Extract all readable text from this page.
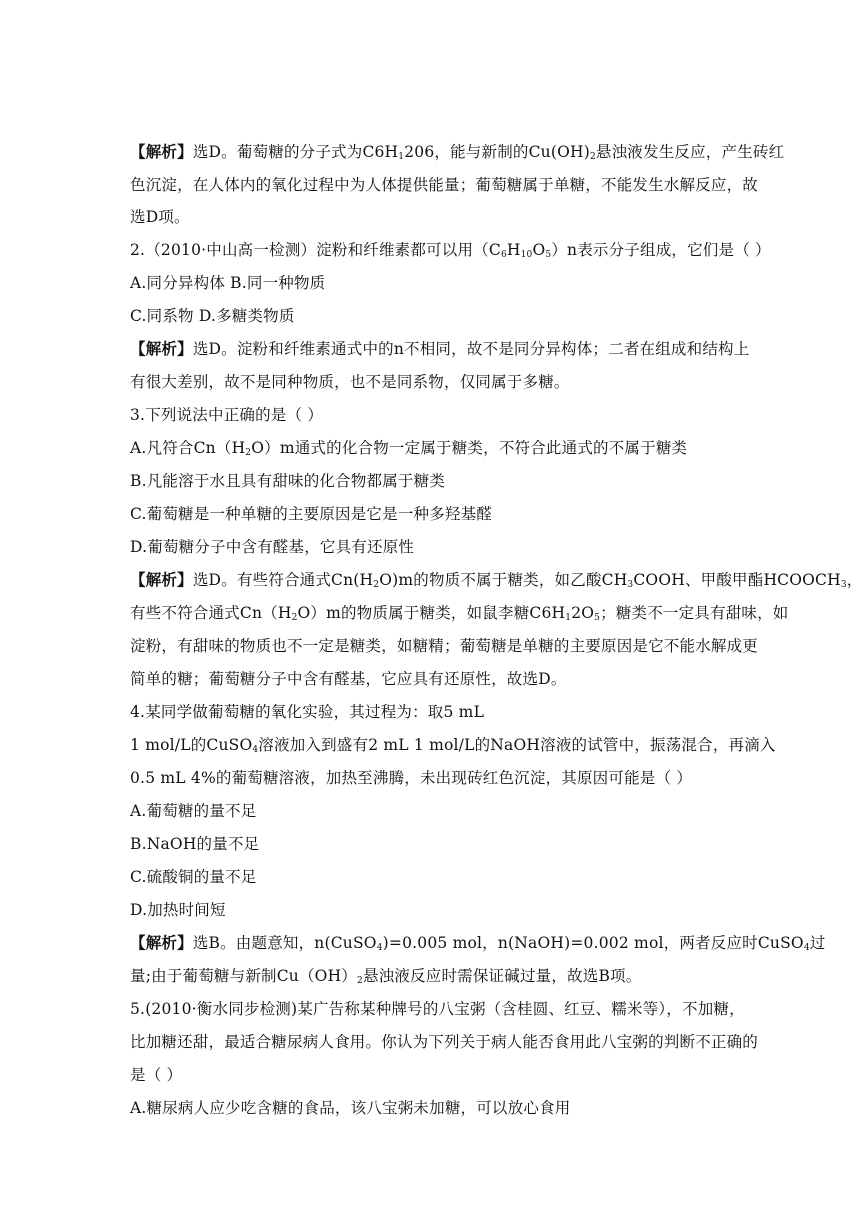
【解析】选D。葡萄糖的分子式为$C6H_1206$，能与新制的$Cu(OH)_2$悬浊液发生反应，产生砖红
色沉淀，在人体内的氧化过程中为人体提供能量；葡萄糖属于单糖，不能发生水解反应，故
选D项。
2.（2010·中山高一检测）淀粉和纤维素都可以用$(C_6H_{10}O_5)n$表示分子组成，它们是（ ）
A.同分异构体 B.同一种物质
C.同系物 D.多糖类物质
【解析】选D。淀粉和纤维素通式中的n不相同，故不是同分异构体；二者在组成和结构上
有很大差别，故不是同种物质，也不是同系物，仅同属于多糖。
3.下列说法中正确的是（ ）
A.凡符合$Cn(H_2O)m$通式的化合物一定属于糖类，不符合此通式的不属于糖类
B.凡能溶于水且具有甜味的化合物都属于糖类
C.葡萄糖是一种单糖的主要原因是它是一种多羟基醛
D.葡萄糖分子中含有醛基，它具有还原性
【解析】选D。有些符合通式$Cn(H_2O)m$的物质不属于糖类，如乙酸$CH_3COOH$、甲酸甲酯$HCOOCH_3$，
有些不符合通式$Cn(H_2O)m$的物质属于糖类，如鼠李糖$C6H_12O_5$；糖类不一定具有甜味，如
淀粉，有甜味的物质也不一定是糖类，如糖精；葡萄糖是单糖的主要原因是它不能水解成更
简单的糖；葡萄糖分子中含有醛基，它应具有还原性，故选D。
4.某同学做葡萄糖的氧化实验，其过程为：取5 mL
1 mol/L的CuSO$_4$溶液加入到盛有2 mL 1 mol/L的NaOH溶液的试管中，振荡混合，再滴入
0.5 mL 4%的葡萄糖溶液，加热至沸腾，未出现砖红色沉淀，其原因可能是（ ）
A.葡萄糖的量不足
B.NaOH的量不足
C.硫酸铜的量不足
D.加热时间短
【解析】选B。由题意知，n(CuSO$_4$)=0.005 mol，n(NaOH)=0.002 mol，两者反应时CuSO$_4$过
量;由于葡萄糖与新制$Cu(OH)_2$悬浊液反应时需保证碱过量，故选B项。
5.(2010·衡水同步检测)某广告称某种牌号的八宝粥（含桂圆、红豆、糯米等），不加糖，
比加糖还甜，最适合糖尿病人食用。你认为下列关于病人能否食用此八宝粥的判断不正确的
是（ ）
A.糖尿病人应少吃含糖的食品，该八宝粥未加糖，可以放心食用
